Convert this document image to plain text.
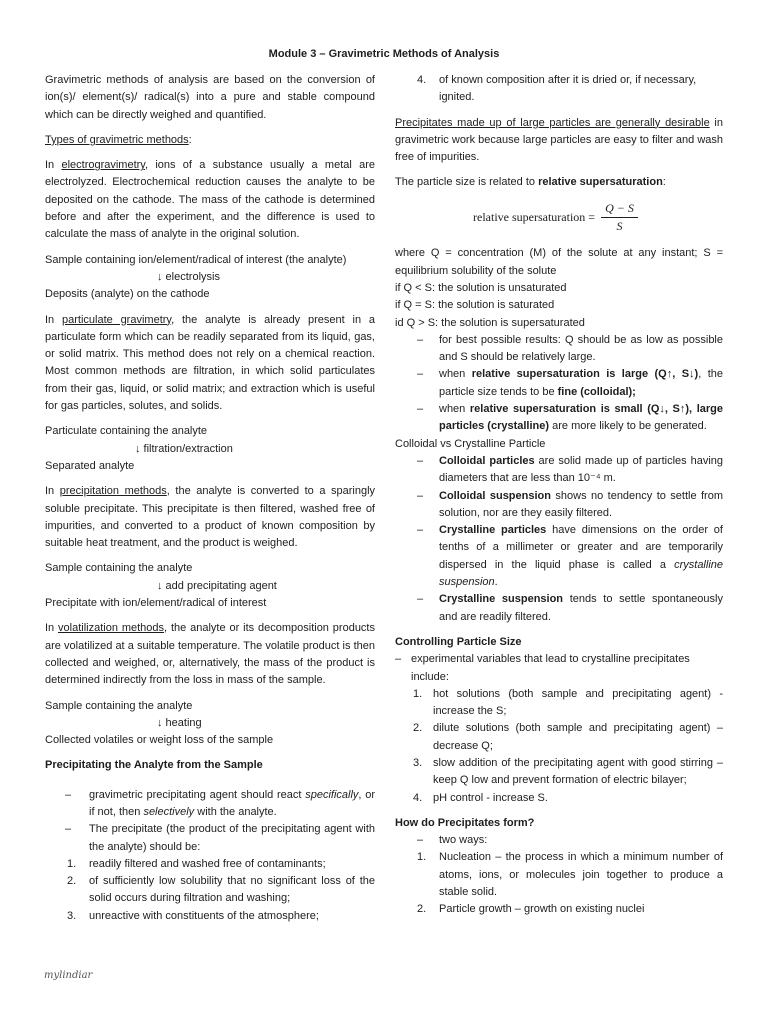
Module 3 – Gravimetric Methods of Analysis

Gravimetric methods of analysis are based on the conversion of ion(s)/ element(s)/ radical(s) into a pure and stable compound which can be directly weighed and quantified.

Types of gravimetric methods:

In electrogravimetry, ions of a substance usually a metal are electrolyzed. Electrochemical reduction causes the analyte to be deposited on the cathode. The mass of the cathode is determined before and after the experiment, and the difference is used to calculate the mass of analyte in the original solution.

Sample containing ion/element/radical of interest (the analyte)
↓ electrolysis
Deposits (analyte) on the cathode

In particulate gravimetry, the analyte is already present in a particulate form which can be readily separated from its liquid, gas, or solid matrix. This method does not rely on a chemical reaction. Most common methods are filtration, in which solid particulates from their gas, liquid, or solid matrix; and extraction which is useful for gas particles, solutes, and solids.

Particulate containing the analyte
↓ filtration/extraction
Separated analyte

In precipitation methods, the analyte is converted to a sparingly soluble precipitate. This precipitate is then filtered, washed free of impurities, and converted to a product of known composition by suitable heat treatment, and the product is weighed.

Sample containing the analyte
↓ add precipitating agent
Precipitate with ion/element/radical of interest

In volatilization methods, the analyte or its decomposition products are volatilized at a suitable temperature. The volatile product is then collected and weighed, or, alternatively, the mass of the product is determined indirectly from the loss in mass of the sample.

Sample containing the analyte
↓ heating
Collected volatiles or weight loss of the sample

Precipitating the Analyte from the Sample

– gravimetric precipitating agent should react specifically, or if not, then selectively with the analyte.
– The precipitate (the product of the precipitating agent with the analyte) should be:
1. readily filtered and washed free of contaminants;
2. of sufficiently low solubility that no significant loss of the solid occurs during filtration and washing;
3. unreactive with constituents of the atmosphere;
4. of known composition after it is dried or, if necessary, ignited.

Precipitates made up of large particles are generally desirable in gravimetric work because large particles are easy to filter and wash free of impurities.

The particle size is related to relative supersaturation:

relative supersaturation = $\frac{Q - S}{S}$
where Q = concentration (M) of the solute at any instant; S = equilibrium solubility of the solute
if Q < S: the solution is unsaturated
if Q = S: the solution is saturated
id Q > S: the solution is supersaturated
– for best possible results: Q should be as low as possible and S should be relatively large.
– when relative supersaturation is large (Q↑, S↓), the particle size tends to be fine (colloidal);
– when relative supersaturation is small (Q↓, S↑), large particles (crystalline) are more likely to be generated.
Colloidal vs Crystalline Particle
– Colloidal particles are solid made up of particles having diameters that are less than 10⁻⁴ m.
– Colloidal suspension shows no tendency to settle from solution, nor are they easily filtered.
– Crystalline particles have dimensions on the order of tenths of a millimeter or greater and are temporarily dispersed in the liquid phase is called a crystalline suspension.
– Crystalline suspension tends to settle spontaneously and are readily filtered.
Controlling Particle Size
– experimental variables that lead to crystalline precipitates include:
1. hot solutions (both sample and precipitating agent) - increase the S;
2. dilute solutions (both sample and precipitating agent) – decrease Q;
3. slow addition of the precipitating agent with good stirring – keep Q low and prevent formation of electric bilayer;
4. pH control - increase S.
How do Precipitates form?
– two ways:
1. Nucleation – the process in which a minimum number of atoms, ions, or molecules join together to produce a stable solid.
2. Particle growth – growth on existing nuclei
mylindiar
